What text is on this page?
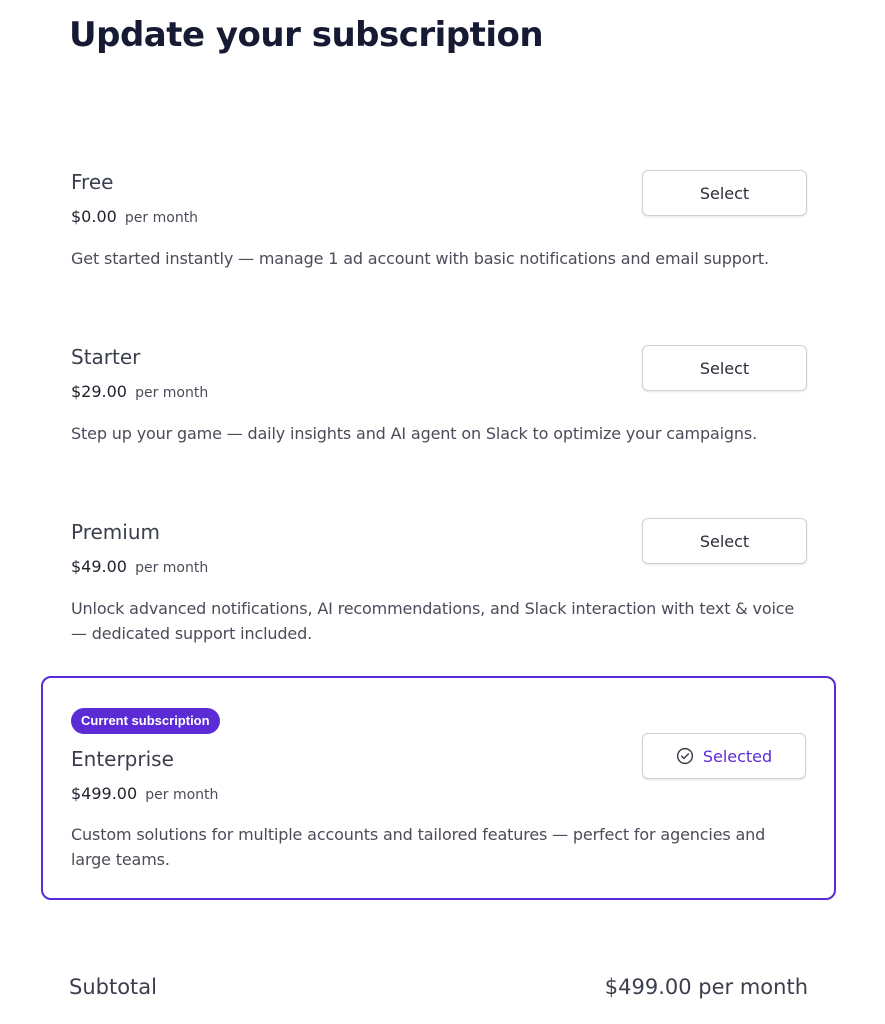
Update your subscription
Free
$0.00 per month
Get started instantly — manage 1 ad account with basic notifications and email support.
Select
Starter
$29.00 per month
Step up your game — daily insights and AI agent on Slack to optimize your campaigns.
Select
Premium
$49.00 per month
Unlock advanced notifications, AI recommendations, and Slack interaction with text & voice — dedicated support included.
Select
Current subscription
Enterprise
$499.00 per month
Custom solutions for multiple accounts and tailored features — perfect for agencies and large teams.
Selected
Subtotal	$499.00 per month
